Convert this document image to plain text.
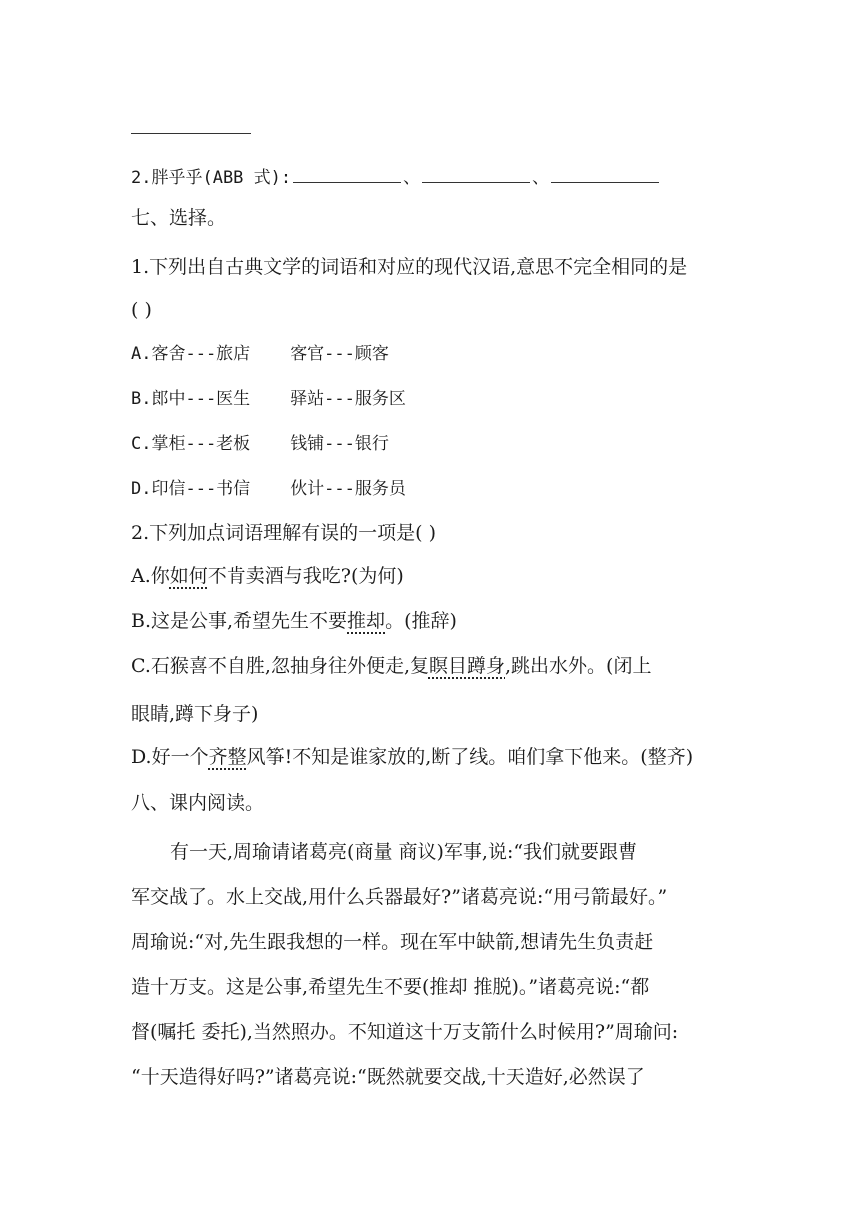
2.胖乎乎(ABB 式):	、	、
七、选择。
1.下列出自古典文学的词语和对应的现代汉语,意思不完全相同的是
( )
A.客舍---旅店 客官---顾客
B.郎中---医生 驿站---服务区
C.掌柜---老板 钱铺---银行
D.印信---书信 伙计---服务员
2.下列加点词语理解有误的一项是( )
A.你如何不肯卖酒与我吃?(为何)
B.这是公事,希望先生不要推却。(推辞)
C.石猴喜不自胜,忽抽身往外便走,复瞑目蹲身,跳出水外。(闭上
眼睛,蹲下身子)
D.好一个齐整风筝!不知是谁家放的,断了线。咱们拿下他来。(整齐)
八、课内阅读。
有一天,周瑜请诸葛亮(商量 商议)军事,说:“我们就要跟曹
军交战了。水上交战,用什么兵器最好?”诸葛亮说:“用弓箭最好。”
周瑜说:“对,先生跟我想的一样。现在军中缺箭,想请先生负责赶
造十万支。这是公事,希望先生不要(推却 推脱)。”诸葛亮说:“都
督(嘱托 委托),当然照办。不知道这十万支箭什么时候用?”周瑜问:
“十天造得好吗?”诸葛亮说:“既然就要交战,十天造好,必然误了
